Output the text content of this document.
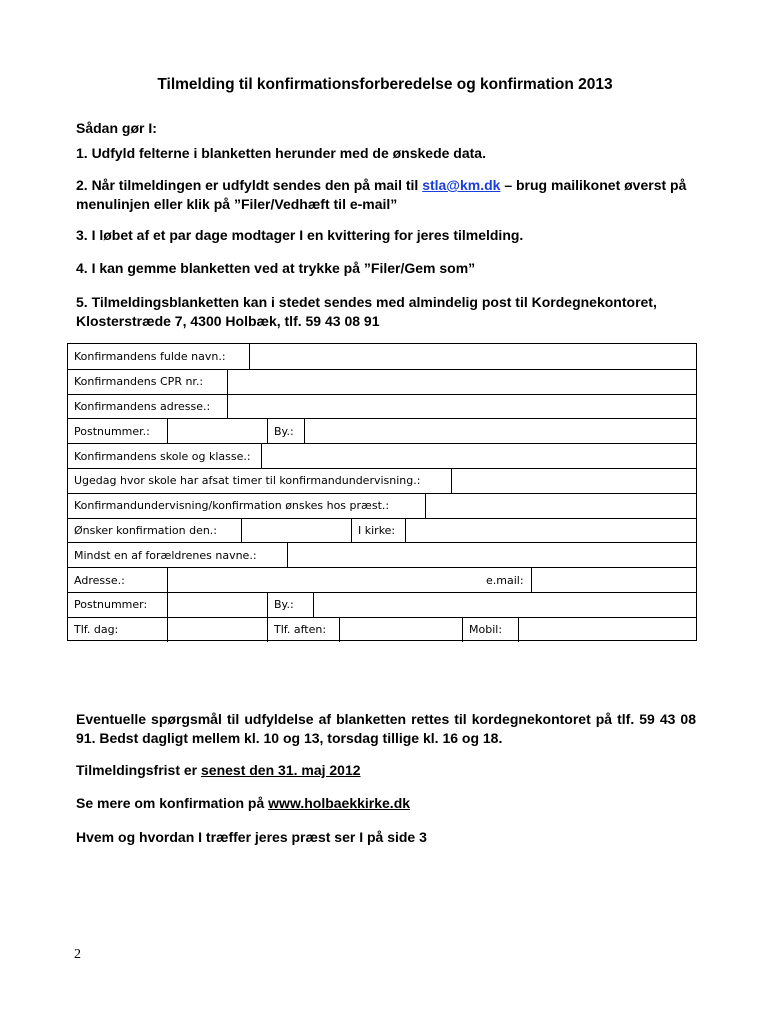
Tilmelding til konfirmationsforberedelse og konfirmation 2013

Sådan gør I:

1. Udfyld felterne i blanketten herunder med de ønskede data.

2. Når tilmeldingen er udfyldt sendes den på mail til stla@km.dk – brug mailikonet øverst på menulinjen eller klik på ”Filer/Vedhæft til e-mail”

3. I løbet af et par dage modtager I en kvittering for jeres tilmelding.

4. I kan gemme blanketten ved at trykke på ”Filer/Gem som”

5. Tilmeldingsblanketten kan i stedet sendes med almindelig post til Kordegnekontoret, Klosterstræde 7, 4300 Holbæk, tlf. 59 43 08 91

Konfirmandens fulde navn.:
Konfirmandens CPR nr.:
Konfirmandens adresse.:
Postnummer.:	By.:
Konfirmandens skole og klasse.:
Ugedag hvor skole har afsat timer til konfirmandundervisning.:
Konfirmandundervisning/konfirmation ønskes hos præst.:
Ønsker konfirmation den.:	I kirke:
Mindst en af forældrenes navne.:
Adresse.:	e.mail:
Postnummer:	By.:
Tlf. dag:	Tlf. aften:	Mobil:

Eventuelle spørgsmål til udfyldelse af blanketten rettes til kordegnekontoret på tlf. 59 43 08 91. Bedst dagligt mellem kl. 10 og 13, torsdag tillige kl. 16 og 18.

Tilmeldingsfrist er senest den 31. maj 2012

Se mere om konfirmation på www.holbaekkirke.dk

Hvem og hvordan I træffer jeres præst ser I på side 3

2
